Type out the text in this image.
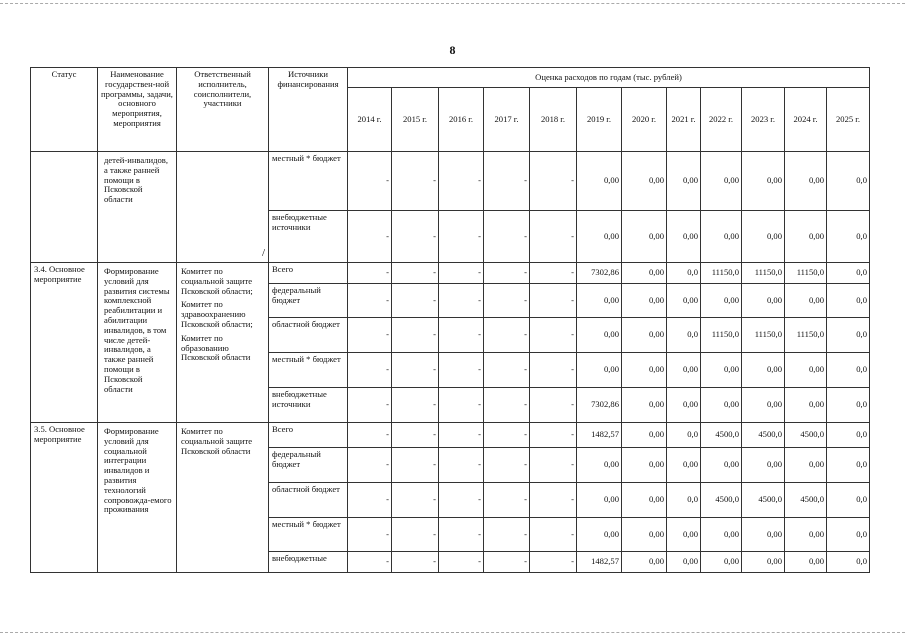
8
Статус	Наименование государствен-ной программы, задачи, основного мероприятия, мероприятия	Ответственный исполнитель, соисполнители, участники	Источники финансирования	Оценка расходов по годам (тыс. рублей)											
				2014 г.	2015 г.	2016 г.	2017 г.	2018 г.	2019 г.	2020 г.	2021 г.	2022 г.	2023 г.	2024 г.	2025 г.
	детей-инвалидов, а также ранней помощи в Псковской области	/	местный * бюджет	-	-	-	-	-	0,00	0,00	0,00	0,00	0,00	0,00	0,0
			внебюджетные источники	-	-	-	-	-	0,00	0,00	0,00	0,00	0,00	0,00	0,0
3.4. Основное мероприятие	Формирование условий для развития системы комплексной реабилитации и абилитации инвалидов, в том числе детей-инвалидов, а также ранней помощи в Псковской области	Комитет по социальной защите Псковской области;
Комитет по здравоохранению Псковской области;
Комитет по образованию Псковской области	Всего	-	-	-	-	-	7302,86	0,00	0,0	11150,0	11150,0	11150,0	0,0
			федеральный бюджет	-	-	-	-	-	0,00	0,00	0,00	0,00	0,00	0,00	0,0
			областной бюджет	-	-	-	-	-	0,00	0,00	0,0	11150,0	11150,0	11150,0	0,0
			местный * бюджет	-	-	-	-	-	0,00	0,00	0,00	0,00	0,00	0,00	0,0
			внебюджетные источники	-	-	-	-	-	7302,86	0,00	0,00	0,00	0,00	0,00	0,0
3.5. Основное мероприятие	Формирование условий для социальной интеграции инвалидов и развития технологий сопровожда-емого проживания	Комитет по социальной защите Псковской области	Всего	-	-	-	-	-	1482,57	0,00	0,0	4500,0	4500,0	4500,0	0,0
			федеральный бюджет	-	-	-	-	-	0,00	0,00	0,00	0,00	0,00	0,00	0,0
			областной бюджет	-	-	-	-	-	0,00	0,00	0,0	4500,0	4500,0	4500,0	0,0
			местный * бюджет	-	-	-	-	-	0,00	0,00	0,00	0,00	0,00	0,00	0,0
			внебюджетные	-	-	-	-	-	1482,57	0,00	0,00	0,00	0,00	0,00	0,0
